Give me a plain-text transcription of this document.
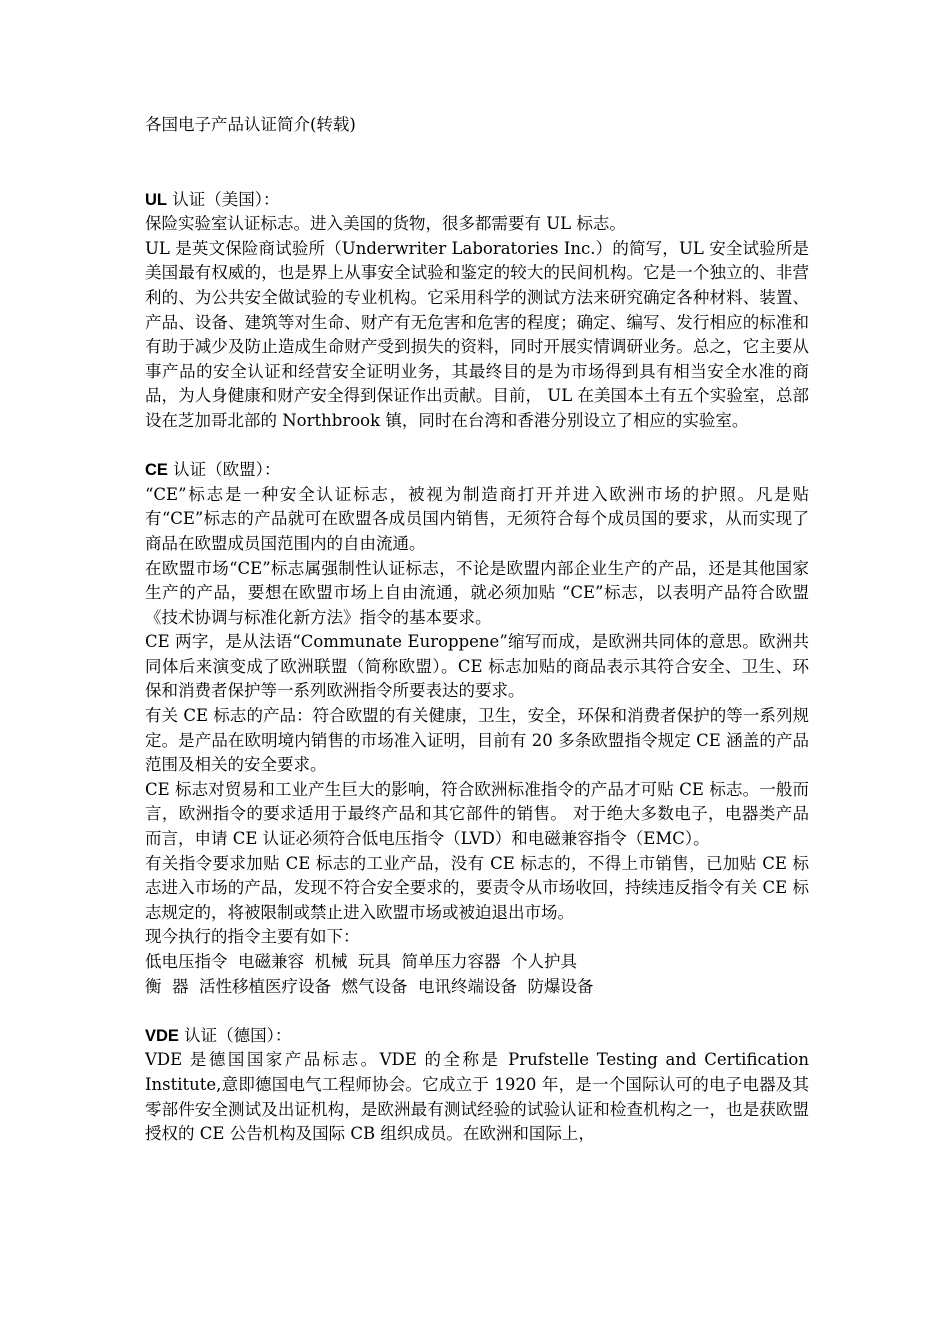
各国电子产品认证简介(转载)
UL 认证（美国）：

保险实验室认证标志。进入美国的货物，很多都需要有 UL 标志。

UL 是英文保险商试验所（Underwriter Laboratories Inc.）的简写，UL 安全试验所是美国最有权威的，也是界上从事安全试验和鉴定的较大的民间机构。它是一个独立的、非营利的、为公共安全做试验的专业机构。它采用科学的测试方法来研究确定各种材料、装置、产品、设备、建筑等对生命、财产有无危害和危害的程度；确定、编写、发行相应的标准和有助于减少及防止造成生命财产受到损失的资料，同时开展实情调研业务。总之，它主要从事产品的安全认证和经营安全证明业务，其最终目的是为市场得到具有相当安全水准的商品，为人身健康和财产安全得到保证作出贡献。目前， UL 在美国本土有五个实验室，总部设在芝加哥北部的 Northbrook 镇，同时在台湾和香港分别设立了相应的实验室。

CE 认证（欧盟）：

“CE”标志是一种安全认证标志，被视为制造商打开并进入欧洲市场的护照。凡是贴有“CE”标志的产品就可在欧盟各成员国内销售，无须符合每个成员国的要求，从而实现了商品在欧盟成员国范围内的自由流通。

在欧盟市场“CE”标志属强制性认证标志，不论是欧盟内部企业生产的产品，还是其他国家生产的产品，要想在欧盟市场上自由流通，就必须加贴 “CE”标志，以表明产品符合欧盟《技术协调与标准化新方法》指令的基本要求。

CE 两字，是从法语“Communate Europpene”缩写而成，是欧洲共同体的意思。欧洲共同体后来演变成了欧洲联盟（简称欧盟）。CE 标志加贴的商品表示其符合安全、卫生、环保和消费者保护等一系列欧洲指令所要表达的要求。

有关 CE 标志的产品：符合欧盟的有关健康，卫生，安全，环保和消费者保护的等一系列规定。是产品在欧明境内销售的市场准入证明，目前有 20 多条欧盟指令规定 CE 涵盖的产品范围及相关的安全要求。

CE 标志对贸易和工业产生巨大的影响，符合欧洲标准指令的产品才可贴 CE 标志。一般而言，欧洲指令的要求适用于最终产品和其它部件的销售。 对于绝大多数电子，电器类产品而言，申请 CE 认证必须符合低电压指令（LVD）和电磁兼容指令（EMC）。

有关指令要求加贴 CE 标志的工业产品，没有 CE 标志的，不得上市销售，已加贴 CE 标志进入市场的产品，发现不符合安全要求的，要责令从市场收回，持续违反指令有关 CE 标志规定的，将被限制或禁止进入欧盟市场或被迫退出市场。

现今执行的指令主要有如下：

低电压指令  电磁兼容  机械  玩具  简单压力容器  个人护具

衡  器  活性移植医疗设备  燃气设备  电讯终端设备  防爆设备

VDE 认证（德国）：

VDE 是德国国家产品标志。VDE 的全称是 Prufstelle Testing and Certification Institute,意即德国电气工程师协会。它成立于 1920 年，是一个国际认可的电子电器及其零部件安全测试及出证机构，是欧洲最有测试经验的试验认证和检查机构之一，也是获欧盟授权的 CE 公告机构及国际 CB 组织成员。在欧洲和国际上，
